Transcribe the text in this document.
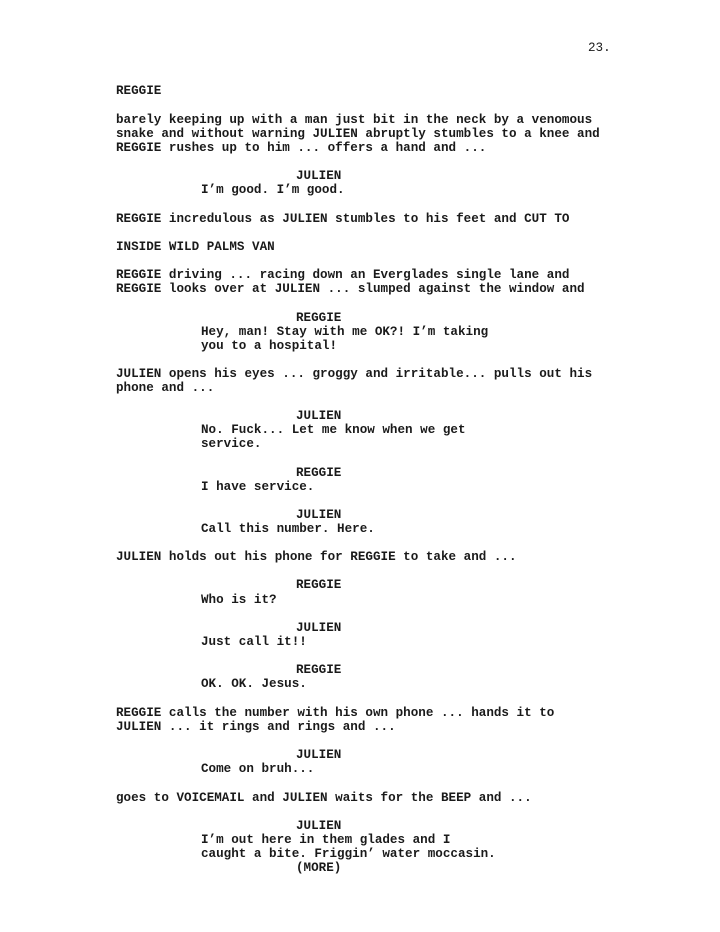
23.
REGGIE
barely keeping up with a man just bit in the neck by a venomous
snake and without warning JULIEN abruptly stumbles to a knee and
REGGIE rushes up to him ... offers a hand and ...
JULIEN
I’m good. I’m good.
REGGIE incredulous as JULIEN stumbles to his feet and CUT TO
INSIDE WILD PALMS VAN
REGGIE driving ... racing down an Everglades single lane and
REGGIE looks over at JULIEN ... slumped against the window and
REGGIE
Hey, man! Stay with me OK?! I’m taking
you to a hospital!
JULIEN opens his eyes ... groggy and irritable... pulls out his
phone and ...
JULIEN
No. Fuck... Let me know when we get
service.
REGGIE
I have service.
JULIEN
Call this number. Here.
JULIEN holds out his phone for REGGIE to take and ...
REGGIE
Who is it?
JULIEN
Just call it!!
REGGIE
OK. OK. Jesus.
REGGIE calls the number with his own phone ... hands it to
JULIEN ... it rings and rings and ...
JULIEN
Come on bruh...
goes to VOICEMAIL and JULIEN waits for the BEEP and ...
JULIEN
I’m out here in them glades and I
caught a bite. Friggin’ water moccasin.
(MORE)
